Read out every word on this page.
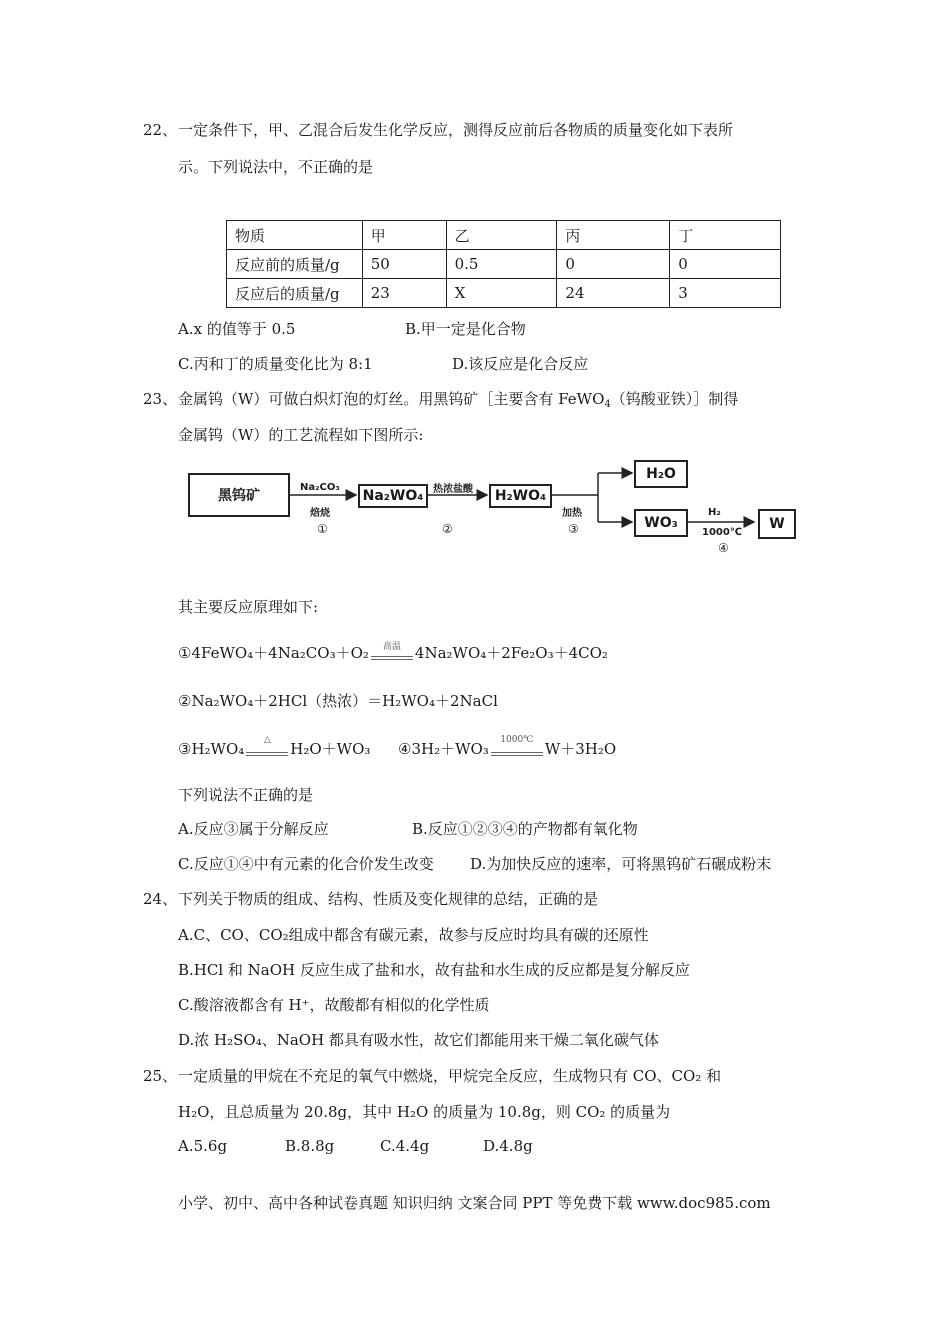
22、 一定条件下，甲、乙混合后发生化学反应，测得反应前后各物质的质量变化如下表所
示。下列说法中，不正确的是
物质	甲	乙	丙	丁
反应前的质量/g	50	0.5	0	0
反应后的质量/g	23	X	24	3
A.x 的值等于 0.5	B.甲一定是化合物
C.丙和丁的质量变化比为 8:1	D.该反应是化合反应
23、 金属钨（W）可做白炽灯泡的灯丝。用黑钨矿［主要含有 FeWO$_4$（钨酸亚铁）］制得
金属钨（W）的工艺流程如下图所示:
黑钨矿	Na₂WO₄	H₂WO₄
H₂O
WO₃	W
Na₂CO₃
焙烧
①
热浓盐酸
②
加热
③
H₂
1000℃
④
其主要反应原理如下:
①4FeWO₄＋4Na₂CO₃＋O₂	高温 4Na₂WO₄＋2Fe₂O₃＋4CO₂
②Na₂WO₄＋2HCl（热浓）＝H₂WO₄＋2NaCl
③H₂WO₄	△	H₂O＋WO₃ ④3H₂＋WO₃	1000℃ W＋3H₂O
下列说法不正确的是
A.反应③属于分解反应	B.反应①②③④的产物都有氧化物
C.反应①④中有元素的化合价发生改变 D.为加快反应的速率，可将黑钨矿石碾成粉末
24、 下列关于物质的组成、结构、性质及变化规律的总结，正确的是
A.C、CO、CO₂组成中都含有碳元素，故参与反应时均具有碳的还原性
B.HCl 和 NaOH 反应生成了盐和水，故有盐和水生成的反应都是复分解反应
C.酸溶液都含有 H⁺，故酸都有相似的化学性质
D.浓 H₂SO₄、NaOH 都具有吸水性，故它们都能用来干燥二氧化碳气体
25、 一定质量的甲烷在不充足的氧气中燃烧，甲烷完全反应，生成物只有 CO、CO₂ 和
H₂O，且总质量为 20.8g，其中 H₂O 的质量为 10.8g，则 CO₂ 的质量为
A.5.6g	B.8.8g	C.4.4g	D.4.8g
小学、初中、高中各种试卷真题 知识归纳 文案合同 PPT 等免费下载 www.doc985.com
